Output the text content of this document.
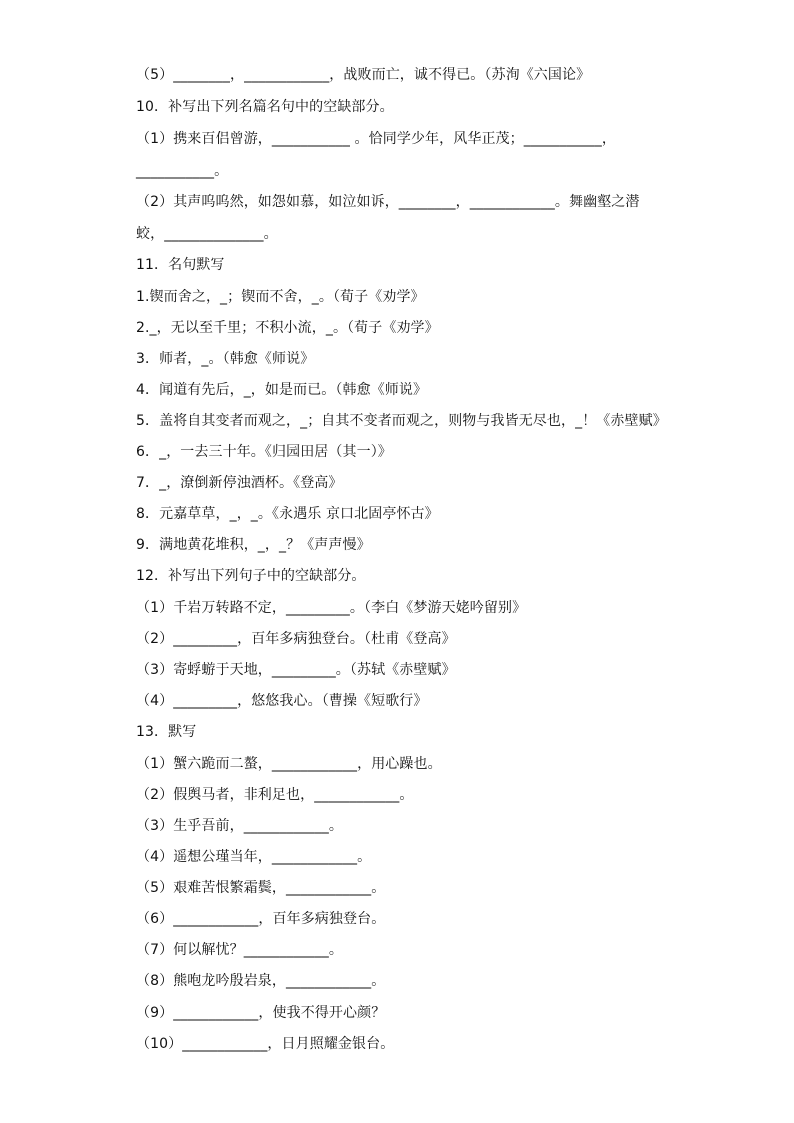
（5）________，____________，战败而亡，诚不得已。（苏洵《六国论》
10．补写出下列名篇名句中的空缺部分。
（1）携来百侣曾游，___________ 。恰同学少年，风华正茂；___________，
___________。
（2）其声呜呜然，如怨如慕，如泣如诉，________，____________。舞幽壑之潜
蛟，______________。
11．名句默写
1.锲而舍之，_；锲而不舍，_。（荀子《劝学》
2._，无以至千里；不积小流，_。（荀子《劝学》
3．师者，_。（韩愈《师说》
4．闻道有先后，_，如是而已。（韩愈《师说》
5．盖将自其变者而观之，_；自其不变者而观之，则物与我皆无尽也，_！《赤壁赋》
6．_，一去三十年。《归园田居（其一）》
7．_，潦倒新停浊酒杯。《登高》
8．元嘉草草，_，_。《永遇乐 京口北固亭怀古》
9．满地黄花堆积，_，_？《声声慢》
12．补写出下列句子中的空缺部分。
（1）千岩万转路不定，_________。（李白《梦游天姥吟留别》
（2）_________，百年多病独登台。（杜甫《登高》
（3）寄蜉蝣于天地，_________。（苏轼《赤壁赋》
（4）_________，悠悠我心。（曹操《短歌行》
13．默写
（1）蟹六跪而二螯，____________，用心躁也。
（2）假舆马者，非利足也，____________。
（3）生乎吾前，____________。
（4）遥想公瑾当年，____________。
（5）艰难苦恨繁霜鬓，____________。
（6）____________，百年多病独登台。
（7）何以解忧？____________。
（8）熊咆龙吟殷岩泉，____________。
（9）____________，使我不得开心颜？
（10）____________，日月照耀金银台。
